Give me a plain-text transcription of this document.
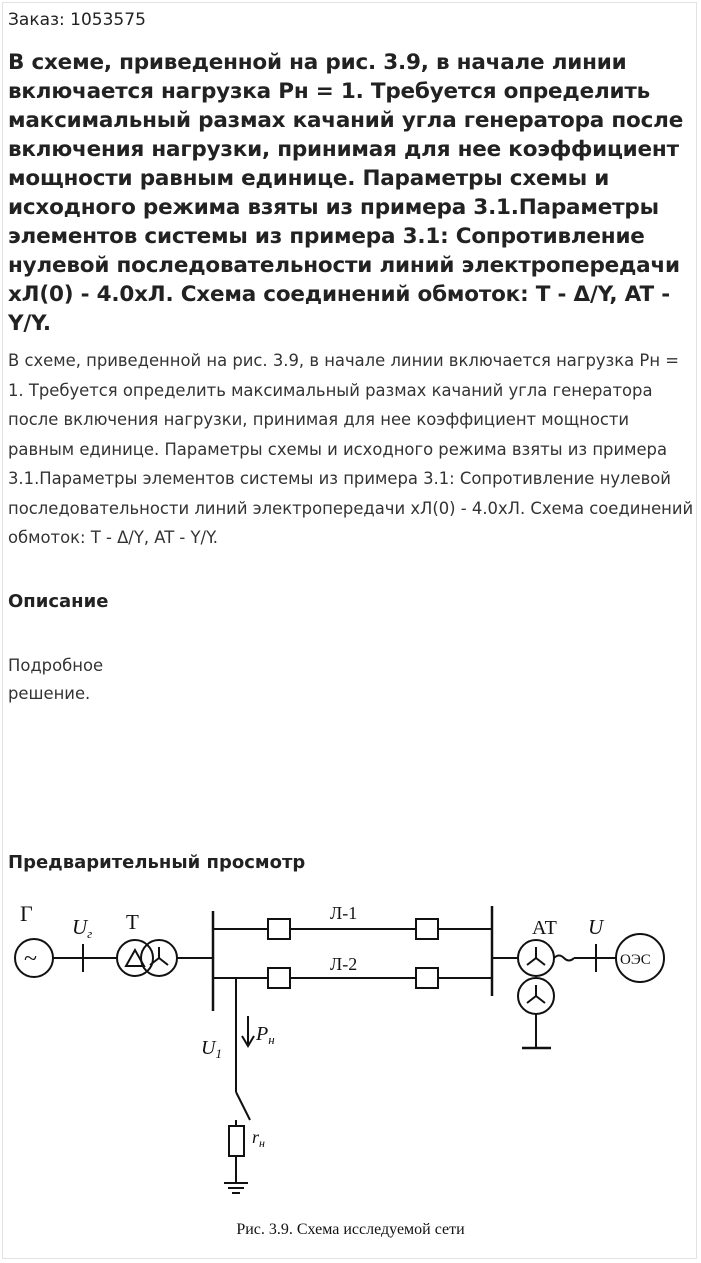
Заказ: 1053575
В схеме, приведенной на рис. 3.9, в начале линии включается нагрузка Pн = 1. Требуется определить максимальный размах качаний угла генератора после включения нагрузки, принимая для нее коэффициент мощности равным единице. Параметры схемы и исходного режима взяты из примера 3.1.Параметры элементов системы из примера 3.1: Сопротивление нулевой последовательности линий электропередачи xЛ(0) - 4.0xЛ. Схема соединений обмоток: T - Δ/Y, AT - Y/Y.

В схеме, приведенной на рис. 3.9, в начале линии включается нагрузка Pн = 1. Требуется определить максимальный размах качаний угла генератора после включения нагрузки, принимая для нее коэффициент мощности равным единице. Параметры схемы и исходного режима взяты из примера 3.1.Параметры элементов системы из примера 3.1: Сопротивление нулевой последовательности линий электропередачи xЛ(0) - 4.0xЛ. Схема соединений обмоток: T - Δ/Y, AT - Y/Y.

Описание
Подробное
решение.
Предварительный просмотр
Г
~
Uг Т	Л-1
Л-2
АТ U
ОЭС
$U_1$
$P_н$
$r_н$
Рис. 3.9. Схема исследуемой сети
